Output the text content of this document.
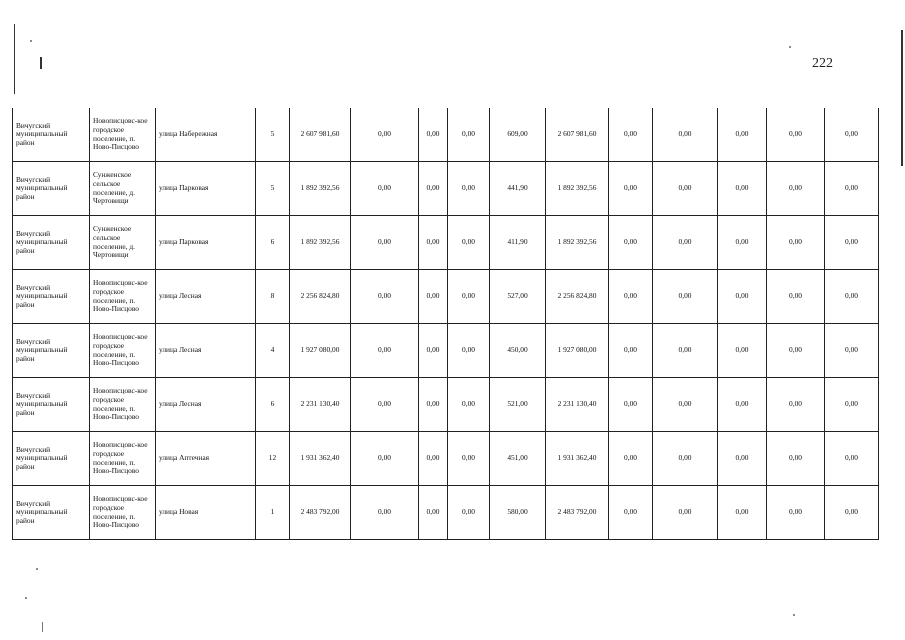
222
Вичугский муниципальный район	Новописцовс-кое городское поселение, п. Ново-Писцово	улица Набережная	5	2 607 981,60	0,00	0,00	0,00	609,00	2 607 981,60	0,00	0,00	0,00	0,00	0,00
Вичугский муниципальный район	Сунженское сельское поселение, д. Чертовищи	улица Парковая	5	1 892 392,56	0,00	0,00	0,00	441,90	1 892 392,56	0,00	0,00	0,00	0,00	0,00
Вичугский муниципальный район	Сунженское сельское поселение, д. Чертовищи	улица Парковая	6	1 892 392,56	0,00	0,00	0,00	411,90	1 892 392,56	0,00	0,00	0,00	0,00	0,00
Вичугский муниципальный район	Новописцовс-кое городское поселение, п. Ново-Писцово	улица Лесная	8	2 256 824,80	0,00	0,00	0,00	527,00	2 256 824,80	0,00	0,00	0,00	0,00	0,00
Вичугский муниципальный район	Новописцовс-кое городское поселение, п. Ново-Писцово	улица Лесная	4	1 927 080,00	0,00	0,00	0,00	450,00	1 927 080,00	0,00	0,00	0,00	0,00	0,00
Вичугский муниципальный район	Новописцовс-кое городское поселение, п. Ново-Писцово	улица Лесная	6	2 231 130,40	0,00	0,00	0,00	521,00	2 231 130,40	0,00	0,00	0,00	0,00	0,00
Вичугский муниципальный район	Новописцовс-кое городское поселение, п. Ново-Писцово	улица Аптечная	12	1 931 362,40	0,00	0,00	0,00	451,00	1 931 362,40	0,00	0,00	0,00	0,00	0,00
Вичугский муниципальный район	Новописцовс-кое городское поселение, п. Ново-Писцово	улица Новая	1	2 483 792,00	0,00	0,00	0,00	580,00	2 483 792,00	0,00	0,00	0,00	0,00	0,00
